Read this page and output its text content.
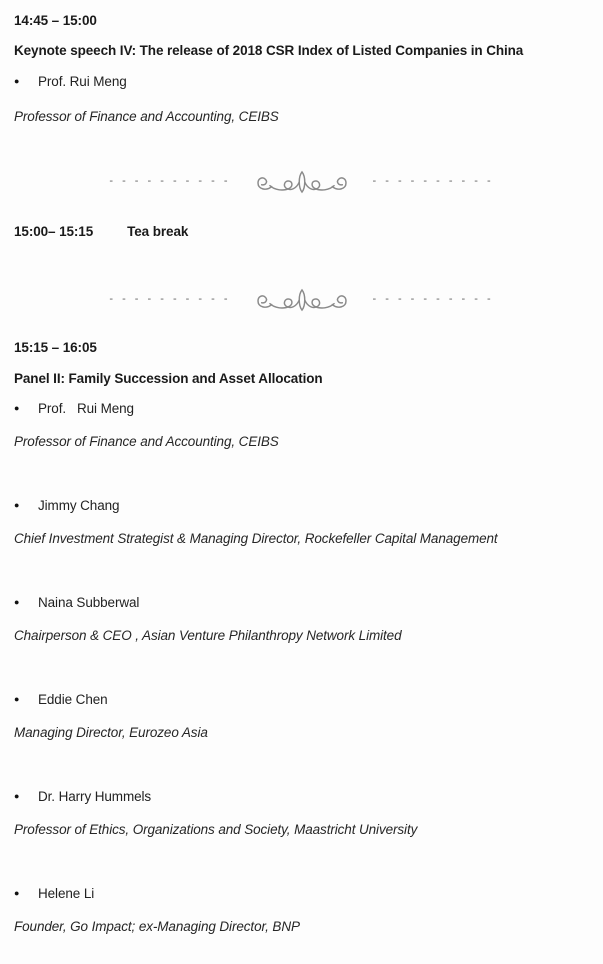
14:45 – 15:00
Keynote speech IV: The release of 2018 CSR Index of Listed Companies in China
●	Prof. Rui Meng
Professor of Finance and Accounting, CEIBS
- - - - - - - - - -	- - - - - - - - - -
15:00– 15:15	Tea break
- - - - - - - - - -	- - - - - - - - - -
15:15 – 16:05
Panel II: Family Succession and Asset Allocation
●	Prof.   Rui Meng
Professor of Finance and Accounting, CEIBS
●	Jimmy Chang
Chief Investment Strategist & Managing Director, Rockefeller Capital Management
●	Naina Subberwal
Chairperson & CEO , Asian Venture Philanthropy Network Limited
●	Eddie Chen
Managing Director, Eurozeo Asia
●	Dr. Harry Hummels
Professor of Ethics, Organizations and Society, Maastricht University
●	Helene Li
Founder, Go Impact; ex-Managing Director, BNP
